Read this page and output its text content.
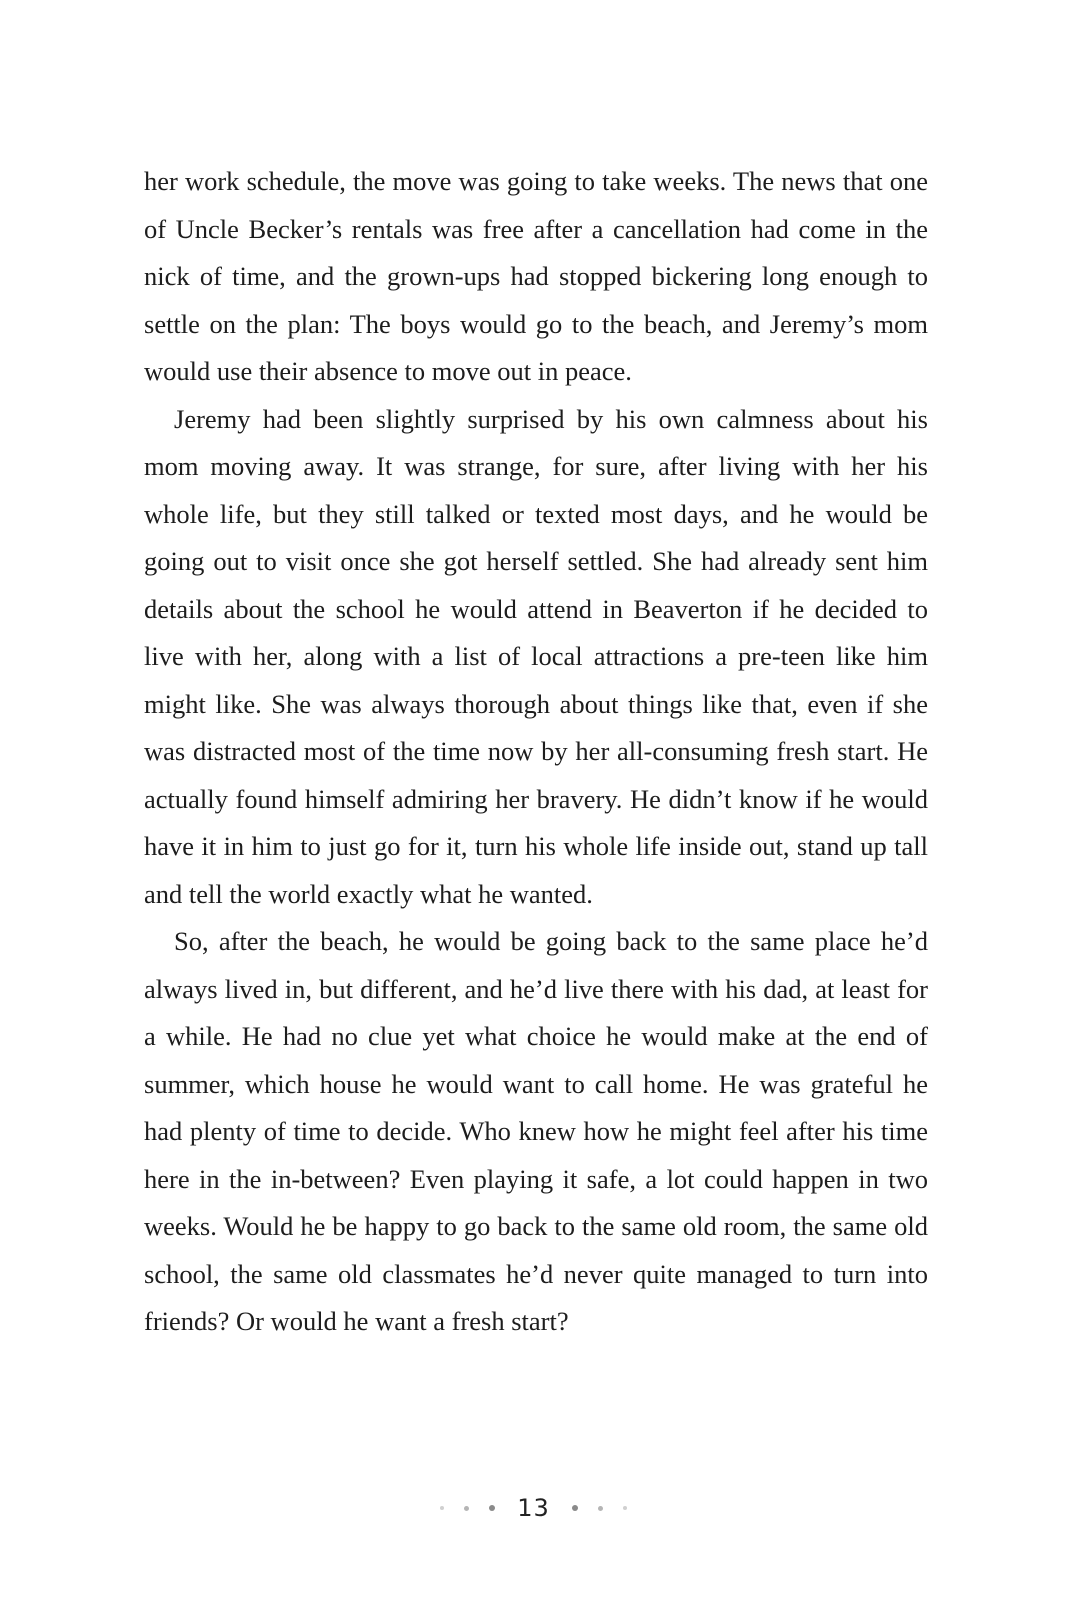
her work schedule, the move was going to take weeks. The news that one of Uncle Becker’s rentals was free after a cancellation had come in the nick of time, and the grown-ups had stopped bickering long enough to settle on the plan: The boys would go to the beach, and Jeremy’s mom would use their absence to move out in peace.

Jeremy had been slightly surprised by his own calmness about his mom moving away. It was strange, for sure, after living with her his whole life, but they still talked or texted most days, and he would be going out to visit once she got herself settled. She had already sent him details about the school he would attend in Beaverton if he decided to live with her, along with a list of local attractions a pre-teen like him might like. She was always thorough about things like that, even if she was distracted most of the time now by her all-consuming fresh start. He actually found himself admiring her bravery. He didn’t know if he would have it in him to just go for it, turn his whole life inside out, stand up tall and tell the world exactly what he wanted.

So, after the beach, he would be going back to the same place he’d always lived in, but different, and he’d live there with his dad, at least for a while. He had no clue yet what choice he would make at the end of summer, which house he would want to call home. He was grateful he had plenty of time to decide. Who knew how he might feel after his time here in the in-between? Even playing it safe, a lot could happen in two weeks. Would he be happy to go back to the same old room, the same old school, the same old classmates he’d never quite managed to turn into friends? Or would he want a fresh start?

13
